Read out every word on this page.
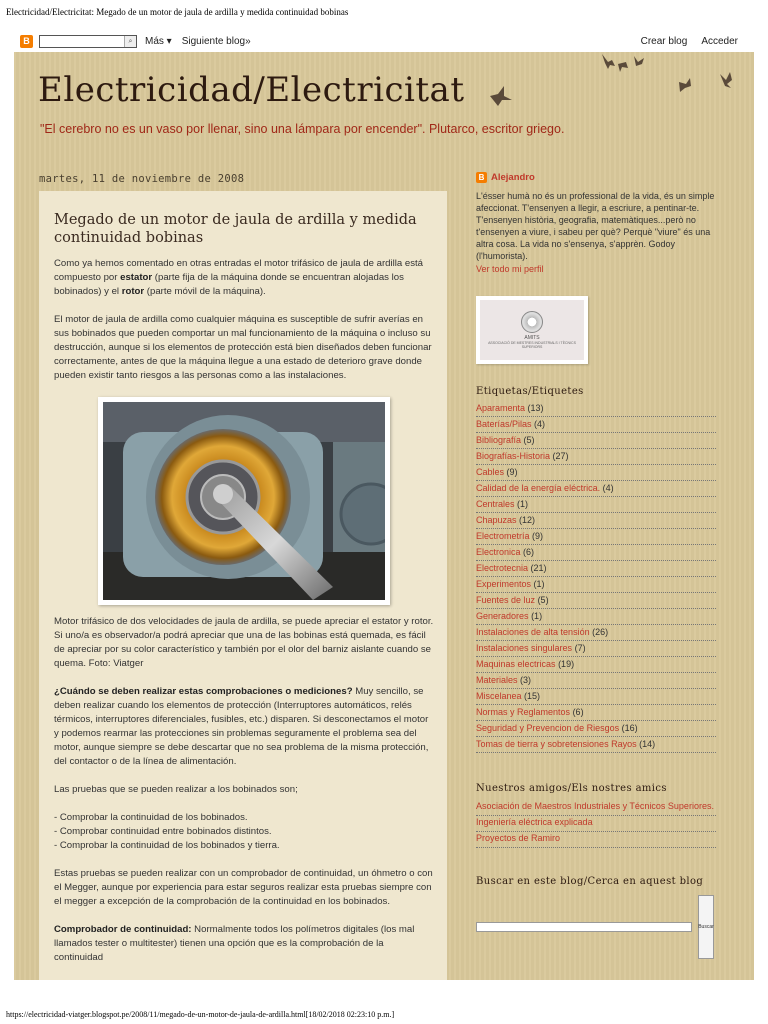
Electricidad/Electricitat: Megado de un motor de jaula de ardilla y medida continuidad bobinas
B	⌕	Más ▾ Siguiente blog»	Crear blog Acceder
Electricidad/Electricitat
"El cerebro no es un vaso por llenar, sino una lámpara por encender". Plutarco, escritor griego.
martes, 11 de noviembre de 2008
Megado de un motor de jaula de ardilla y medida continuidad bobinas

Como ya hemos comentado en otras entradas el motor trifásico de jaula de ardilla está compuesto por estator (parte fija de la máquina donde se encuentran alojadas los bobinados) y el rotor (parte móvil de la máquina).

El motor de jaula de ardilla como cualquier máquina es susceptible de sufrir averías en sus bobinados que pueden comportar un mal funcionamiento de la máquina o incluso su destrucción, aunque si los elementos de protección está bien diseñados deben funcionar correctamente, antes de que la máquina llegue a una estado de deterioro grave donde pueden existir tanto riesgos a las personas como a las instalaciones.

Motor trifásico de dos velocidades de jaula de ardilla, se puede apreciar el estator y rotor. Si uno/a es observador/a podrá apreciar que una de las bobinas está quemada, es fácil de apreciar por su color característico y también por el olor del barniz aislante cuando se quema. Foto: Viatger

¿Cuándo se deben realizar estas comprobaciones o mediciones? Muy sencillo, se deben realizar cuando los elementos de protección (Interruptores automáticos, relés térmicos, interruptores diferenciales, fusibles, etc.) disparen. Si desconectamos el motor y podemos rearmar las protecciones sin problemas seguramente el problema sea del motor, aunque siempre se debe descartar que no sea problema de la misma protección, del contactor o de la línea de alimentación.

Las pruebas que se pueden realizar a los bobinados son;

- Comprobar la continuidad de los bobinados.
- Comprobar continuidad entre bobinados distintos.
- Comprobar la continuidad de los bobinados y tierra.

Estas pruebas se pueden realizar con un comprobador de continuidad, un óhmetro o con el Megger, aunque por experiencia para estar seguros realizar esta pruebas siempre con el megger a excepción de la comprobación de la continuidad en los bobinados.

Comprobador de continuidad: Normalmente todos los polímetros digitales (los mal llamados tester o multitester) tienen una opción que es la comprobación de la continuidad

B Alejandro
L'ésser humà no és un professional de la vida, és un simple afeccionat. T'ensenyen a llegir, a escriure, a pentinar-te. T'ensenyen història, geografia, matemàtiques...però no t'ensenyen a viure, i sabeu per què? Perquè "viure" és una altra cosa. La vida no s'ensenya, s'apprèn. Godoy (l'humorista).
Ver todo mi perfil
AMITS
ASSOCIACIÓ DE MESTRES INDUSTRIALS I TÈCNICS SUPERIORS
Etiquetas/Etiquetes
Aparamenta (13)
Baterías/Pilas (4)
Bibliografía (5)
Biografías-Historia (27)
Cables (9)
Calidad de la energía eléctrica. (4)
Centrales (1)
Chapuzas (12)
Electrometría (9)
Electronica (6)
Electrotecnia (21)
Experimentos (1)
Fuentes de luz (5)
Generadores (1)
Instalaciones de alta tensión (26)
Instalaciones singulares (7)
Maquinas electricas (19)
Materiales (3)
Miscelanea (15)
Normas y Reglamentos (6)
Seguridad y Prevencion de Riesgos (16)
Tomas de tierra y sobretensiones Rayos (14)
Nuestros amigos/Els nostres amics
Asociación de Maestros Industriales y Técnicos Superiores.
Ingeniería eléctrica explicada
Proyectos de Ramiro
Buscar en este blog/Cerca en aquest blog
Buscar
https://electricidad-viatger.blogspot.pe/2008/11/megado-de-un-motor-de-jaula-de-ardilla.html[18/02/2018 02:23:10 p.m.]
